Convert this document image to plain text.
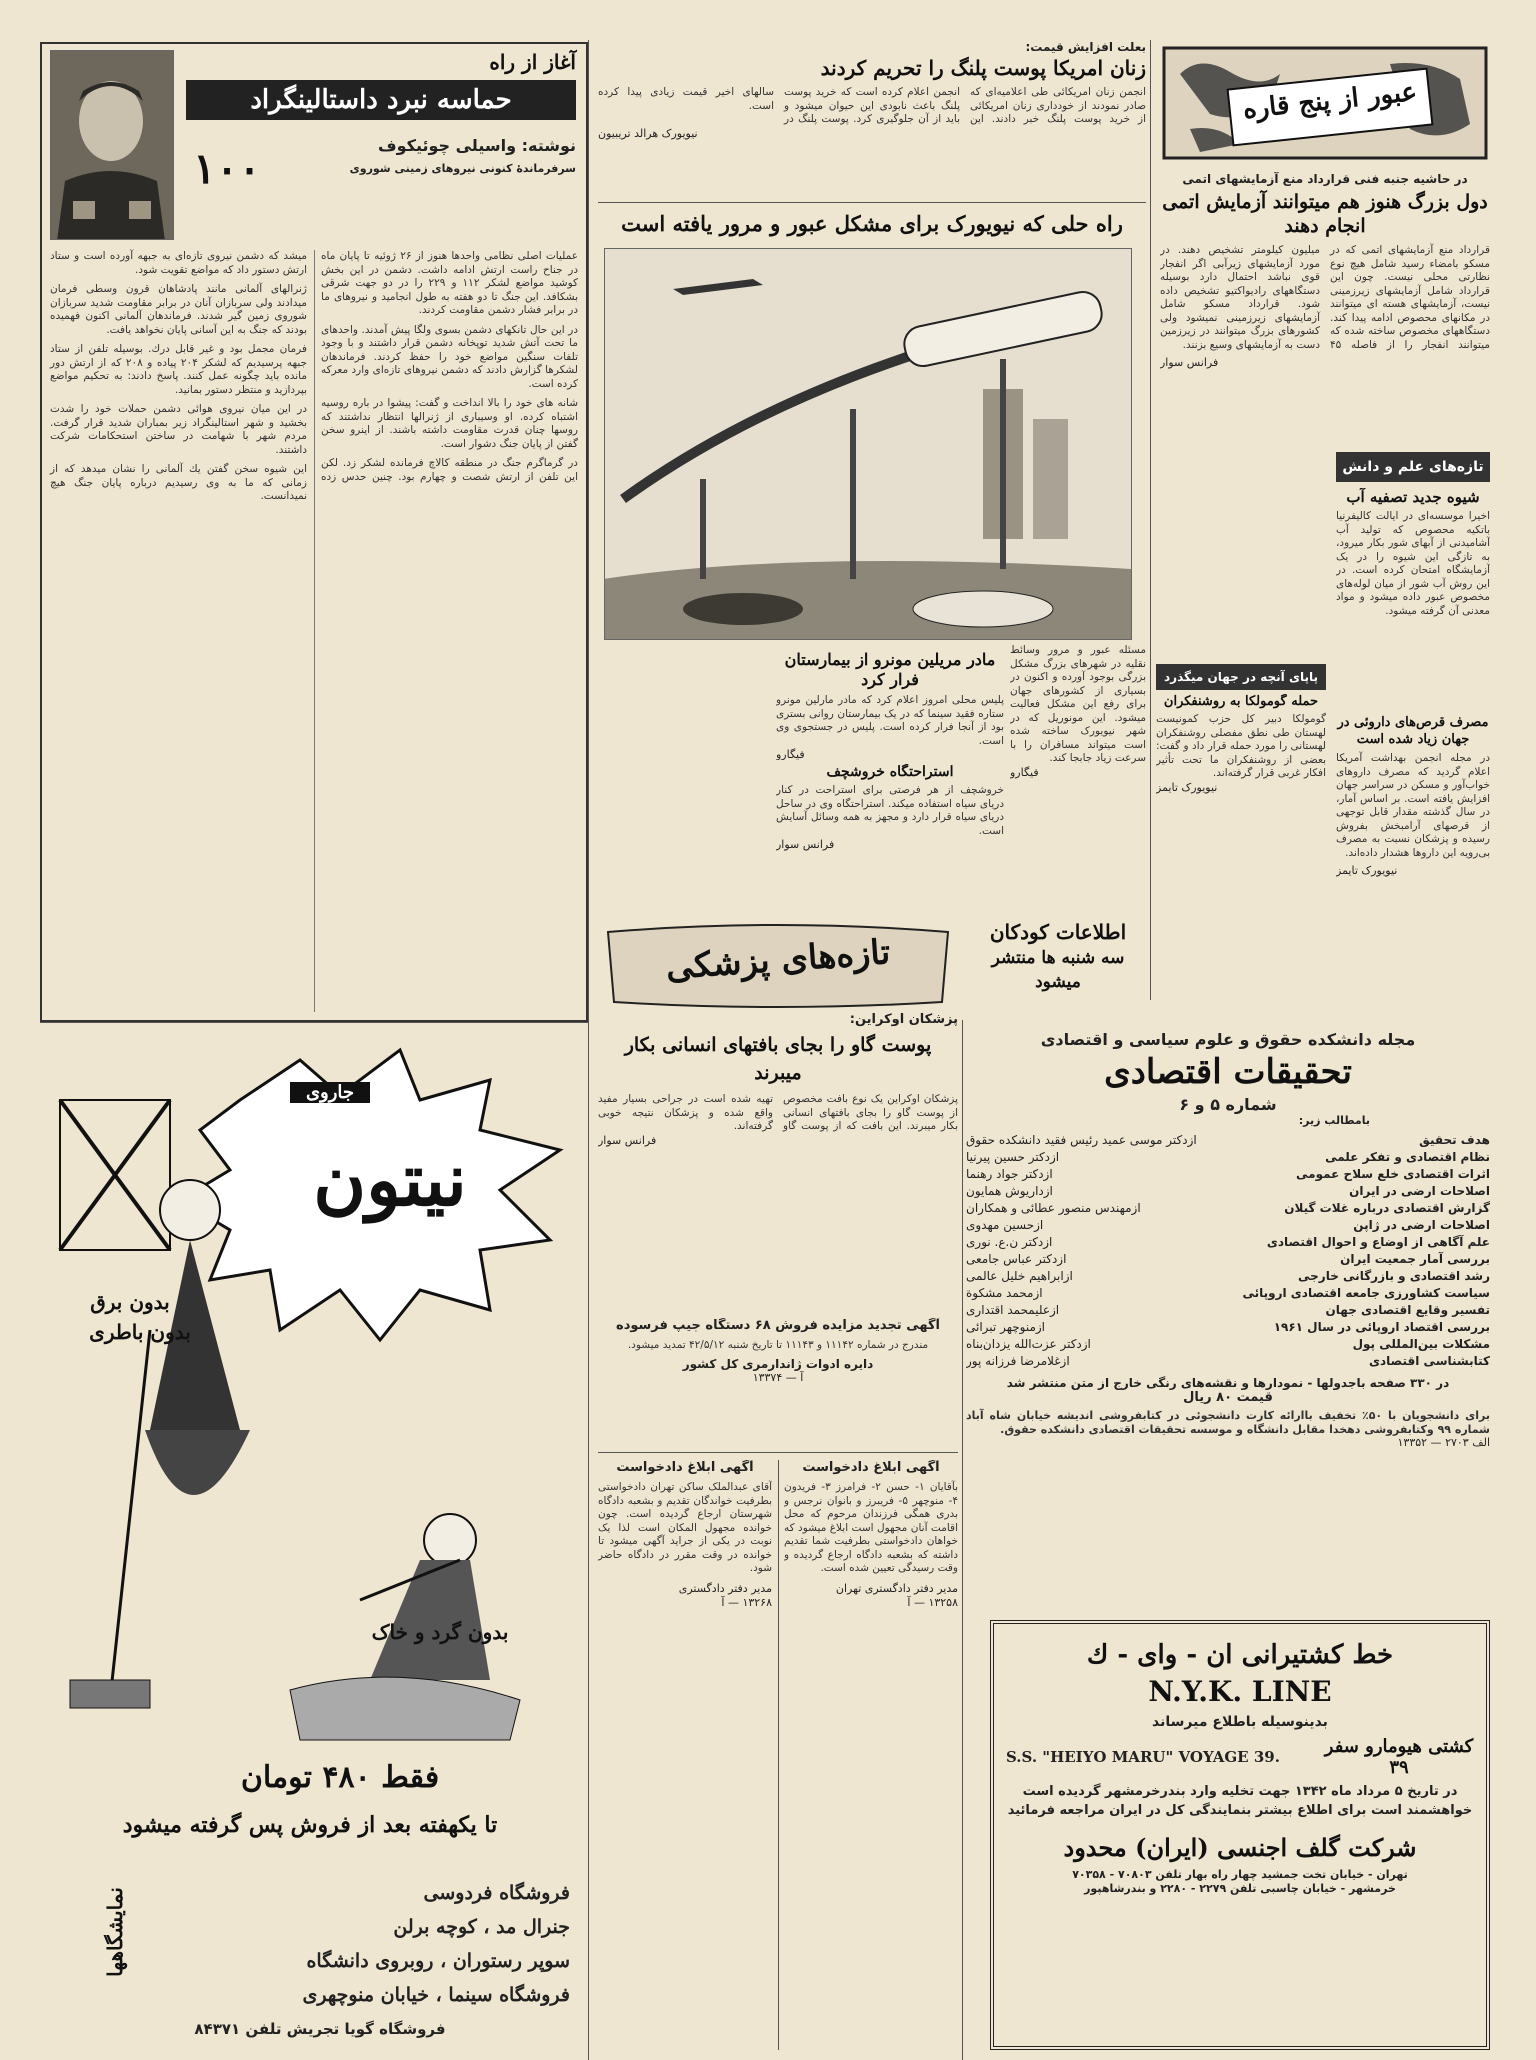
عبور از پنج قاره
در حاشیه جنبه فنی قرارداد منع آزمایشهای اتمی
دول بزرگ هنوز هم میتوانند آزمایش اتمی انجام دهند
قرارداد منع آزمایشهای اتمی که در مسکو بامضاء رسید شامل هیچ نوع نظارتی محلی نیست. چون این قرارداد شامل آزمایشهای زیرزمینی نیست، آزمایشهای هسته ای میتوانند در مکانهای محصوص ادامه پیدا کند. دستگاههای مخصوص ساخته شده که میتوانند انفجار را از فاصله ۴۵ میلیون کیلومتر تشخیص دهند. در مورد آزمایشهای زیرآبی اگر انفجار قوی نباشد احتمال دارد بوسیله دستگاههای رادیواکتیو تشخیص داده شود. قرارداد مسکو شامل آزمایشهای زیرزمینی نمیشود ولی کشورهای بزرگ میتوانند در زیرزمین دست به آزمایشهای وسیع بزنند.
فرانس سوار
تازه‌های علم و دانش
شیوه جدید تصفیه آب
اخیرا موسسه‌ای در ایالت کالیفرنیا باتکیه محصوص که تولید آب آشامیدنی از آبهای شور بکار میرود، به تازگی این شیوه را در یک آزمایشگاه امتحان کرده است. در این روش آب شور از میان لوله‌های مخصوص عبور داده میشود و مواد معدنی آن گرفته میشود.
مصرف قرص‌های داروئی در جهان زیاد شده است
در مجله انجمن بهداشت آمریکا اعلام گردید که مصرف داروهای خواب‌آور و مسکن در سراسر جهان افزایش یافته است. بر اساس آمار، در سال گذشته مقدار قابل توجهی از قرصهای آرامبخش بفروش رسیده و پزشکان نسبت به مصرف بی‌رویه این داروها هشدار داده‌اند.
نیویورک تایمز
بعلت افزایش قیمت:
زنان امریکا پوست پلنگ را تحریم کردند
انجمن زنان امریکائی طی اعلامیه‌ای که صادر نمودند از خودداری زنان امریکائی از خرید پوست پلنگ خبر دادند. این انجمن اعلام کرده است که خرید پوست پلنگ باعث نابودی این حیوان میشود و باید از آن جلوگیری کرد. پوست پلنگ در سالهای اخیر قیمت زیادی پیدا کرده است.
نیویورک هرالد تریبیون
راه حلی که نیویورک برای مشکل عبور و مرور یافته است
مسئله عبور و مرور وسائط نقلیه در شهرهای بزرگ مشکل بزرگی بوجود آورده و اکنون در بسیاری از کشورهای جهان برای رفع این مشکل فعالیت میشود. این مونوریل که در شهر نیویورک ساخته شده است میتواند مسافران را با سرعت زیاد جابجا کند.
فیگارو
مادر مریلین مونرو از بیمارستان فرار کرد
پلیس محلی امروز اعلام کرد که مادر مارلین مونرو ستاره فقید سینما که در یک بیمارستان روانی بستری بود از آنجا فرار کرده است. پلیس در جستجوی وی است.
فیگارو
استراحتگاه خروشچف
خروشچف از هر فرصتی برای استراحت در کنار دریای سیاه استفاده میکند. استراحتگاه وی در ساحل دریای سیاه قرار دارد و مجهز به همه وسائل آسایش است.
فرانس سوار
پاپای آنچه در جهان میگذرد
حمله گومولکا به روشنفکران
گومولکا دبیر کل حزب کمونیست لهستان طی نطق مفصلی روشنفکران لهستانی را مورد حمله قرار داد و گفت: بعضی از روشنفکران ما تحت تأثیر افکار غربی قرار گرفته‌اند.
نیویورک تایمز
اطلاعات کودکان
سه شنبه ها منتشر میشود
تازه‌های پزشکی
پزشکان اوکراین:
پوست گاو را بجای بافتهای انسانی بکار میبرند
پزشکان اوکراین یک نوع بافت مخصوص از پوست گاو را بجای بافتهای انسانی بکار میبرند. این بافت که از پوست گاو تهیه شده است در جراحی بسیار مفید واقع شده و پزشکان نتیجه خوبی گرفته‌اند.
فرانس سوار
آگهی تجدید مزایده فروش ۶۸ دستگاه جیپ فرسوده
مندرج در شماره ۱۱۱۴۲ و ۱۱۱۴۳ تا تاریخ شنبه ۴۲/۵/۱۲ تمدید میشود.
دایره ادوات ژاندارمری کل کشور
آ — ۱۳۳۷۴
آگهی ابلاغ دادخواست
بآقایان ۱- حسن ۲- فرامرز ۳- فریدون ۴- منوچهر ۵- فریبرز و بانوان نرجس و بدری همگی فرزندان مرحوم که محل اقامت آنان مجهول است ابلاغ میشود که خواهان دادخواستی بطرفیت شما تقدیم داشته که بشعبه دادگاه ارجاع گردیده و وقت رسیدگی تعیین شده است.
مدیر دفتر دادگستری تهران
۱۳۲۵۸ — آ
آگهی ابلاغ دادخواست
آقای عبدالملک ساکن تهران دادخواستی بطرفیت خواندگان تقدیم و بشعبه دادگاه شهرستان ارجاع گردیده است. چون خوانده مجهول المکان است لذا یک نوبت در یکی از جراید آگهی میشود تا خوانده در وقت مقرر در دادگاه حاضر شود.
مدیر دفتر دادگستری
۱۳۲۶۸ — آ
مجله دانشکده حقوق و علوم سیاسی و اقتصادی
تحقیقات اقتصادی
شماره ۵ و ۶
بامطالب زیر:
هدف تحقیق
ازدکتر موسی عمید رئیس فقید دانشکده حقوق
نظام اقتصادی و تفکر علمی
ازدکتر حسین پیرنیا
اثرات اقتصادی خلع سلاح عمومی
ازدکتر جواد رهنما
اصلاحات ارضی در ایران
ازداریوش همایون
گزارش اقتصادی درباره غلات گیلان
ازمهندس منصور عطائی و همکاران
اصلاحات ارضی در ژاپن
ازحسین مهدوی
علم آگاهی از اوضاع و احوال اقتصادی
ازدکتر ن.ع. نوری
بررسی آمار جمعیت ایران
ازدکتر عباس جامعی
رشد اقتصادی و بازرگانی خارجی
ازابراهیم خلیل عالمی
سیاست کشاورزی جامعه اقتصادی اروپائی
ازمحمد مشکوة
تفسیر وقایع اقتصادی جهان
ازعلیمحمد اقتداری
بررسی اقتصاد اروپائی در سال ۱۹۶۱
ازمنوچهر تبرائی
مشکلات بین‌المللی پول
ازدکتر عزت‌الله یزدان‌بناه
کتابشناسی اقتصادی
ازغلامرضا فرزانه پور
در ۳۳۰ صفحه باجدولها - نمودارها و نقشه‌های رنگی خارج از متن منتشر شد
قیمت ۸۰ ریال
برای دانشجویان با ۵۰٪ تخفیف باارائه کارت دانشجوئی در کتابفروشی اندیشه خیابان شاه آباد شماره ۹۹ وکتابفروشی دهخدا مقابل دانشگاه و موسسه تحقیقات اقتصادی دانشکده حقوق.
الف ۲۷۰۳ — ۱۳۳۵۲
خط کشتیرانی ان - وای - ك
N.Y.K. LINE
بدینوسیله باطلاع میرساند
کشتی هیومارو سفر ۳۹
S.S. "HEIYO MARU" VOYAGE 39.
در تاریخ ۵ مرداد ماه ۱۳۴۲ جهت تخلیه وارد بندرخرمشهر گردیده است
خواهشمند است برای اطلاع بیشتر بنمایندگی کل در ایران مراجعه فرمائید
شرکت گلف اجنسی (ایران) محدود
تهران - خیابان تخت جمشید چهار راه بهار تلفن ۷۰۸۰۳ - ۷۰۳۵۸
خرمشهر - خیابان چاسبی تلفن ۲۲۷۹ - ۲۲۸۰ و بندرشاهپور
آغاز از راه
حماسه نبرد داستالینگراد
۱۰۰	نوشته: واسیلی چوئیکوف
سرفرماندهٔ کنونی نیروهای زمینی شوروی

عملیات اصلی نظامی واحدها هنوز از ۲۶ ژوئیه تا پایان ماه در جناح راست ارتش ادامه داشت. دشمن در این بخش کوشید مواضع لشکر ۱۱۲ و ۲۲۹ را در دو جهت شرقی بشکافد. این جنگ تا دو هفته به طول انجامید و نیروهای ما در برابر فشار دشمن مقاومت کردند.

در این حال تانکهای دشمن بسوی ولگا پیش آمدند. واحدهای ما تحت آتش شدید توپخانه دشمن قرار داشتند و با وجود تلفات سنگین مواضع خود را حفظ کردند. فرماندهان لشکرها گزارش دادند که دشمن نیروهای تازه‌ای وارد معرکه کرده است.

شانه های خود را بالا انداخت و گفت: پیشوا در باره روسیه اشتباه کرده. او وسیباری از ژنرالها انتظار نداشتند که روسها چنان قدرت مقاومت داشته باشند. از اینرو سخن گفتن از پایان جنگ دشوار است.

در گرماگرم جنگ در منطقه کالاچ فرمانده لشکر زد. لکن این تلفن از ارتش شصت و چهارم بود. چنین حدس زده میشد که دشمن نیروی تازه‌ای به جبهه آورده است و ستاد ارتش دستور داد که مواضع تقویت شود.

ژنرالهای آلمانی مانند پادشاهان قرون وسطی فرمان میدادند ولی سربازان آنان در برابر مقاومت شدید سربازان شوروی زمین گیر شدند. فرماندهان آلمانی اکنون فهمیده بودند که جنگ به این آسانی پایان نخواهد یافت.

فرمان مجمل بود و غیر قابل درك. بوسیله تلفن از ستاد جبهه پرسیدیم که لشکر ۲۰۴ پیاده و ۲۰۸ که از ارتش دور مانده باید چگونه عمل کنند. پاسخ دادند: به تحکیم مواضع بپردازید و منتظر دستور بمانید.

در این میان نیروی هوائی دشمن حملات خود را شدت بخشید و شهر استالینگراد زیر بمباران شدید قرار گرفت. مردم شهر با شهامت در ساختن استحکامات شرکت داشتند.

این شیوه سخن گفتن یك آلمانی را نشان میدهد که از زمانی که ما به وی رسیدیم درباره پایان جنگ هیچ نمیدانست.

جاروی
نیتون
بدون برق
بدون باطری
بدون گرد و خاک
فقط ۴۸۰ تومان
تا یکهفته بعد از فروش پس گرفته میشود
نمایشگاهها	فروشگاه فردوسی
جنرال مد ، کوچه برلن
سوپر رستوران ، روبروی دانشگاه
فروشگاه سینما ، خیابان منوچهری
فروشگاه گویا تجریش تلفن ۸۴۳۷۱
